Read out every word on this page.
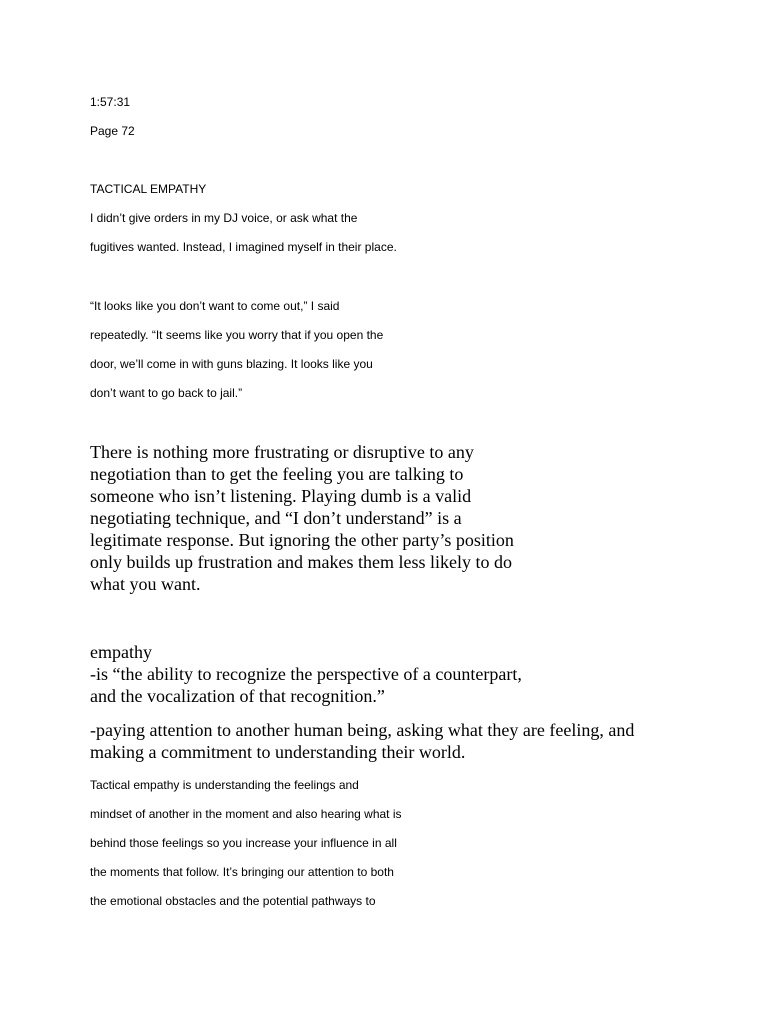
1:57:31
Page 72
TACTICAL EMPATHY
I didn’t give orders in my DJ voice, or ask what the
fugitives wanted. Instead, I imagined myself in their place.
“It looks like you don’t want to come out,” I said
repeatedly. “It seems like you worry that if you open the
door, we’ll come in with guns blazing. It looks like you
don’t want to go back to jail.”
There is nothing more frustrating or disruptive to any
negotiation than to get the feeling you are talking to
someone who isn’t listening. Playing dumb is a valid
negotiating technique, and “I don’t understand” is a
legitimate response. But ignoring the other party’s position
only builds up frustration and makes them less likely to do
what you want.
empathy
-is “the ability to recognize the perspective of a counterpart,
and the vocalization of that recognition.”
-paying attention to another human being, asking what they are feeling, and
making a commitment to understanding their world.
Tactical empathy is understanding the feelings and
mindset of another in the moment and also hearing what is
behind those feelings so you increase your influence in all
the moments that follow. It’s bringing our attention to both
the emotional obstacles and the potential pathways to
